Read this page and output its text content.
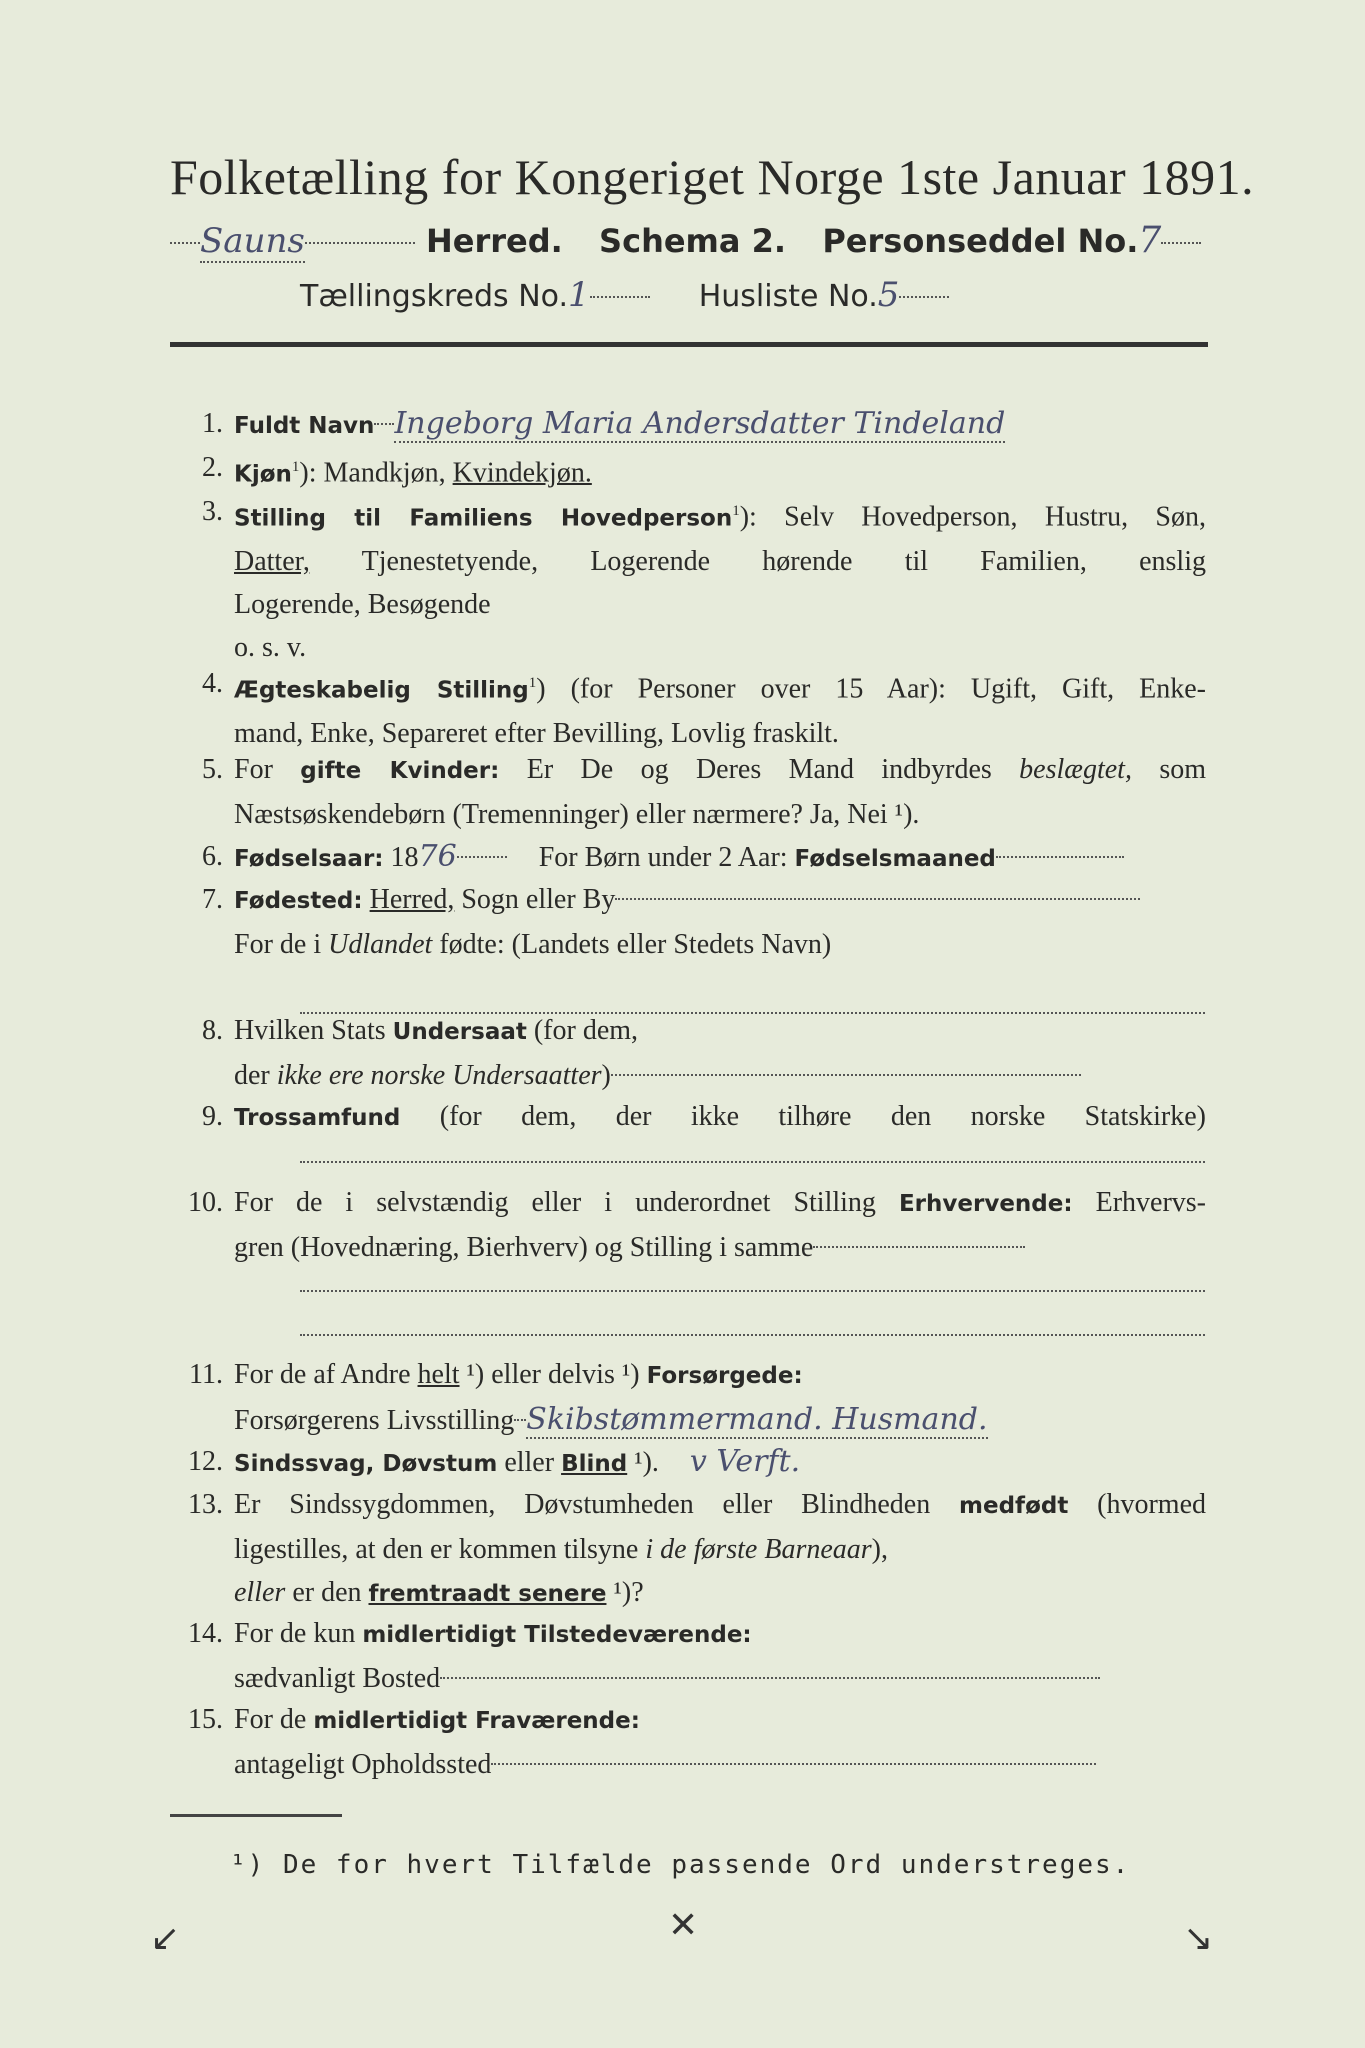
Folketælling for Kongeriget Norge 1ste Januar 1891.
Sauns	Herred. Schema 2. Personseddel No.7
Tællingskreds No.1	Husliste No.5
1. Fuldt Navn Ingeborg Maria Andersdatter Tindeland
2. Kjøn$^1$): Mandkjøn, Kvindekjøn.
3. Stilling til Familiens Hovedperson$^1$): Selv Hovedperson, Hustru, Søn,
Datter, Tjenestetyende, Logerende hørende til Familien, enslig
Logerende, Besøgende
o. s. v.
4. Ægteskabelig Stilling$^1$) (for Personer over 15 Aar): Ugift, Gift, Enke-
mand, Enke, Separeret efter Bevilling, Lovlig fraskilt.
5. For gifte Kvinder: Er De og Deres Mand indbyrdes beslægtet, som
Næstsøskendebørn (Tremenninger) eller nærmere? Ja, Nei ¹).
6. Fødselsaar: 1876	For Børn under 2 Aar: Fødselsmaaned
7. Fødested: Herred, Sogn eller By
For de i Udlandet fødte: (Landets eller Stedets Navn)
8. Hvilken Stats Undersaat (for dem,
der ikke ere norske Undersaatter)
9. Trossamfund (for dem, der ikke tilhøre den norske Statskirke)
10. For de i selvstændig eller i underordnet Stilling Erhvervende: Erhvervs-
gren (Hovednæring, Bierhverv) og Stilling i samme
11. For de af Andre helt ¹) eller delvis ¹) Forsørgede:
Forsørgerens Livsstilling Skibstømmermand. Husmand.
12. Sindssvag, Døvstum eller Blind ¹). v Verft.
13. Er Sindssygdommen, Døvstumheden eller Blindheden medfødt (hvormed
ligestilles, at den er kommen tilsyne i de første Barneaar),
eller er den fremtraadt senere ¹)?
14. For de kun midlertidigt Tilstedeværende:
sædvanligt Bosted
15. For de midlertidigt Fraværende:
antageligt Opholdssted
¹) De for hvert Tilfælde passende Ord understreges.
↙	✕	↘
